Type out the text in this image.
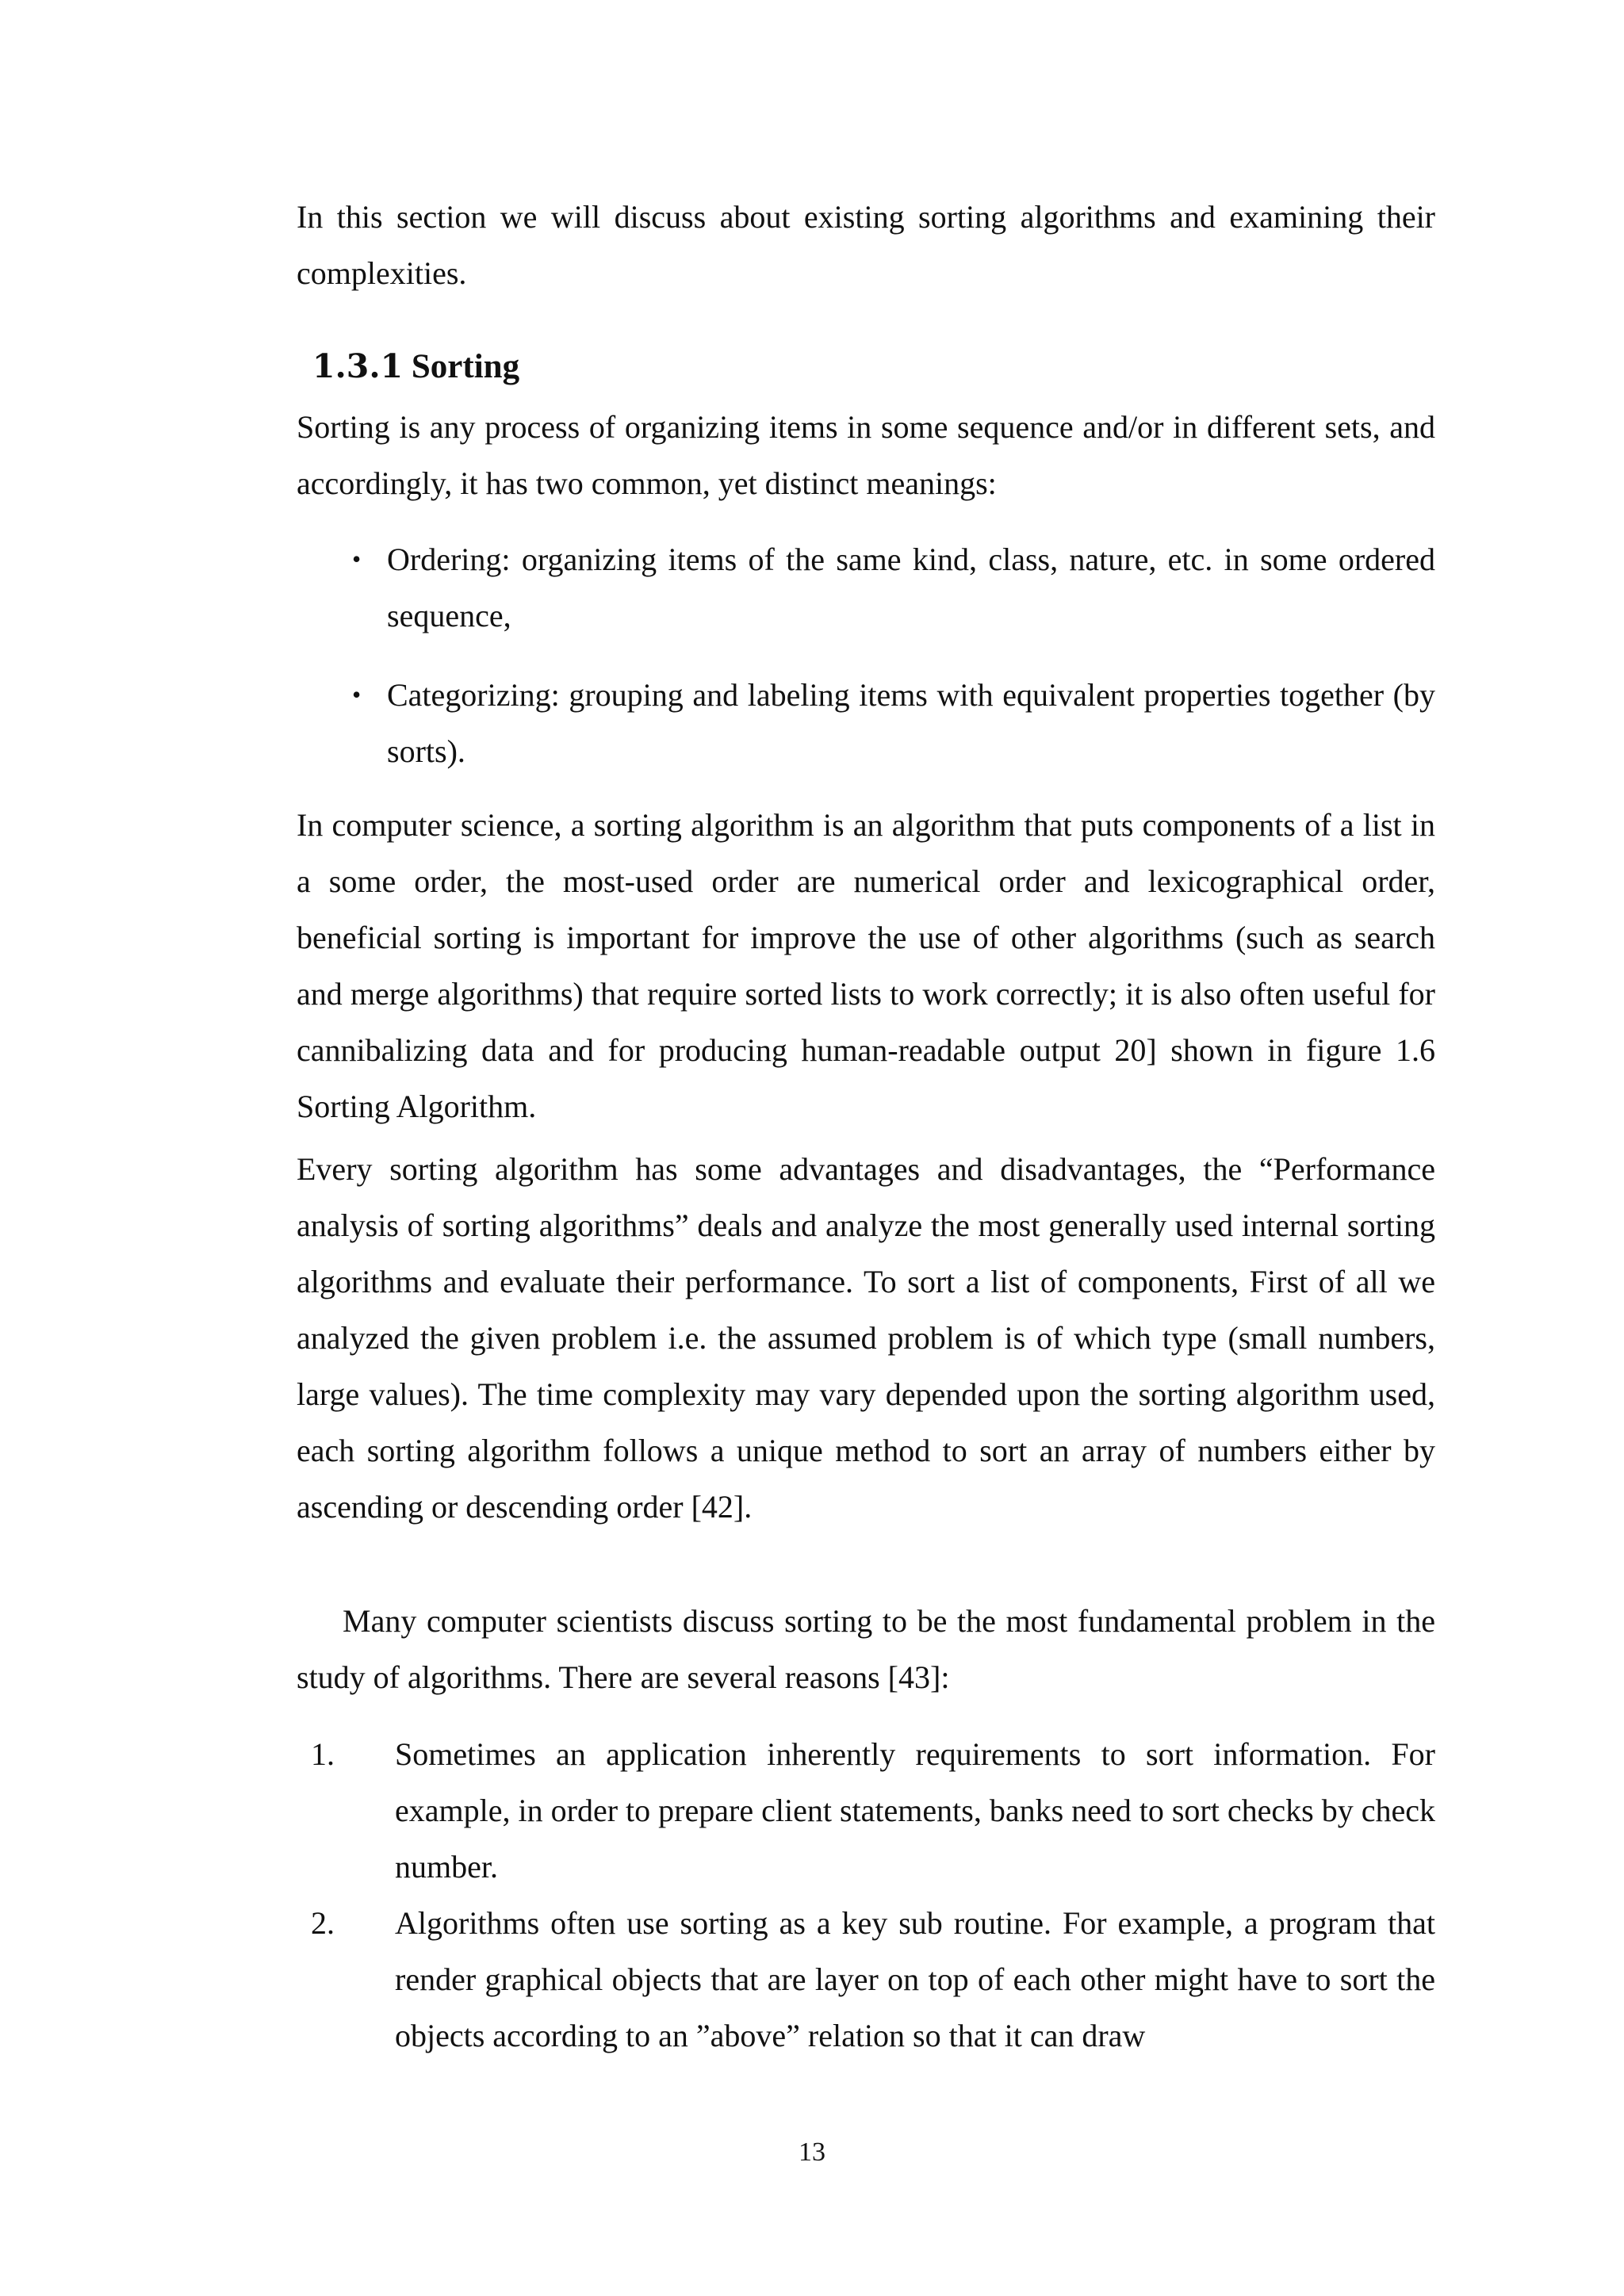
In this section we will discuss about existing sorting algorithms and examining their complexities.

1.3.1 Sorting

Sorting is any process of organizing items in some sequence and/or in different sets, and accordingly, it has two common, yet distinct meanings:

• Ordering: organizing items of the same kind, class, nature, etc. in some ordered sequence,
• Categorizing: grouping and labeling items with equivalent properties together (by sorts).

In computer science, a sorting algorithm is an algorithm that puts components of a list in a some order, the most-used order are numerical order and lexicographical order, beneficial sorting is important for improve the use of other algorithms (such as search and merge algorithms) that require sorted lists to work correctly; it is also often useful for cannibalizing data and for producing human-readable output 20] shown in figure 1.6 Sorting Algorithm.

Every sorting algorithm has some advantages and disadvantages, the “Performance analysis of sorting algorithms” deals and analyze the most generally used internal sorting algorithms and evaluate their performance. To sort a list of components, First of all we analyzed the given problem i.e. the assumed problem is of which type (small numbers, large values). The time complexity may vary depended upon the sorting algorithm used, each sorting algorithm follows a unique method to sort an array of numbers either by ascending or descending order [42].

Many computer scientists discuss sorting to be the most fundamental problem in the study of algorithms. There are several reasons [43]:

1. Sometimes an application inherently requirements to sort information. For example, in order to prepare client statements, banks need to sort checks by check number.
2. Algorithms often use sorting as a key sub routine. For example, a program that render graphical objects that are layer on top of each other might have to sort the objects according to an ”above” relation so that it can draw
13
